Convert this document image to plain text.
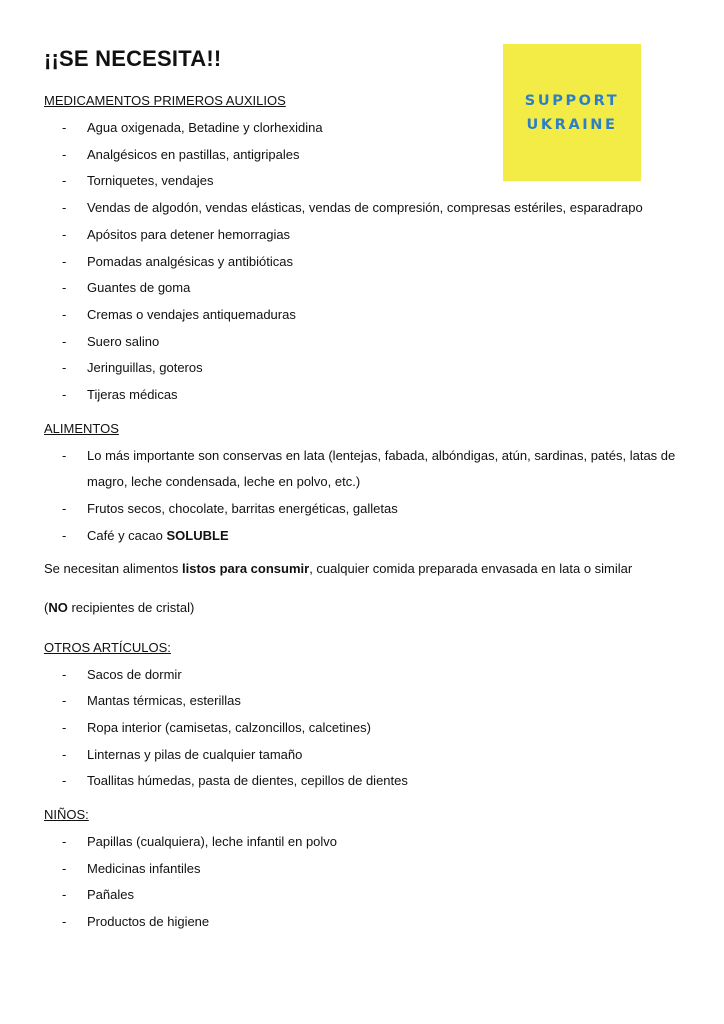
¡¡SE NECESITA!!
SUPPORT
UKRAINE
MEDICAMENTOS PRIMEROS AUXILIOS
- Agua oxigenada, Betadine y clorhexidina
- Analgésicos en pastillas, antigripales
- Torniquetes, vendajes
- Vendas de algodón, vendas elásticas, vendas de compresión, compresas estériles, esparadrapo
- Apósitos para detener hemorragias
- Pomadas analgésicas y antibióticas
- Guantes de goma
- Cremas o vendajes antiquemaduras
- Suero salino
- Jeringuillas, goteros
- Tijeras médicas
ALIMENTOS
- Lo más importante son conservas en lata (lentejas, fabada, albóndigas, atún, sardinas, patés, latas de magro, leche condensada, leche en polvo, etc.)
- Frutos secos, chocolate, barritas energéticas, galletas
- Café y cacao SOLUBLE

Se necesitan alimentos listos para consumir, cualquier comida preparada envasada en lata o similar

(NO recipientes de cristal)

OTROS ARTÍCULOS:
- Sacos de dormir
- Mantas térmicas, esterillas
- Ropa interior (camisetas, calzoncillos, calcetines)
- Linternas y pilas de cualquier tamaño
- Toallitas húmedas, pasta de dientes, cepillos de dientes
NIÑOS:
- Papillas (cualquiera), leche infantil en polvo
- Medicinas infantiles
- Pañales
- Productos de higiene
